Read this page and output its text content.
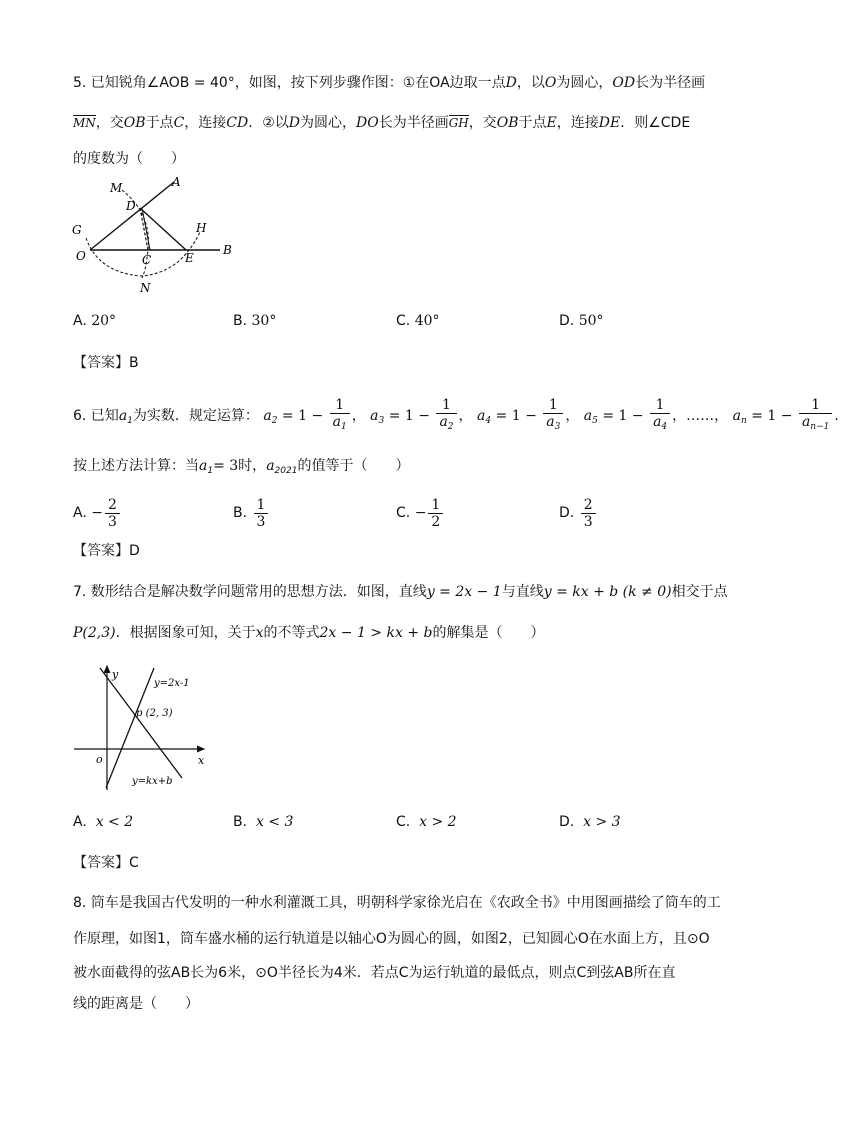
5. 已知锐角∠AOB = 40°，如图，按下列步骤作图：①在OA边取一点D，以O为圆心，OD长为半径画
MN，交OB于点C，连接CD．②以D为圆心，DO长为半径画GH，交OB于点E，连接DE．则∠CDE
的度数为（　　）
M	A
D
G	H
O	C	E
B
N
A. 20°	B. 30°	C. 40°	D. 50°
【答案】B
6. 已知$a_1$为实数．规定运算： $a_2 = 1 - \frac{1}{a_1}$ ， $a_3 = 1 - \frac{1}{a_2}$ ， $a_4 = 1 - \frac{1}{a_3}$ ， $a_5 = 1 - \frac{1}{a_4}$ ，……， $a_n = 1 - \frac{1}{a_{n-1}}$ ．
按上述方法计算：当$a_1= 3$时，$a_{2021}$的值等于（　　）
A. − $\frac{2}{3}$	B. $\frac{1}{3}$	C. − $\frac{1}{2}$	D. $\frac{2}{3}$
【答案】D
7. 数形结合是解决数学问题常用的思想方法．如图，直线y = 2x − 1与直线y = kx + b (k ≠ 0)相交于点
P(2,3)．根据图象可知，关于x的不等式2x − 1 > kx + b的解集是（　　）
y
y=2x-1
p (2, 3)
o	x
y=kx+b
A. x < 2	B. x < 3	C. x > 2	D. x > 3
【答案】C
8. 筒车是我国古代发明的一种水利灌溉工具，明朝科学家徐光启在《农政全书》中用图画描绘了筒车的工
作原理，如图1，筒车盛水桶的运行轨道是以轴心O为圆心的圆，如图2，已知圆心O在水面上方，且⊙O
被水面截得的弦AB长为6米，⊙O半径长为4米．若点C为运行轨道的最低点，则点C到弦AB所在直
线的距离是（　　）
